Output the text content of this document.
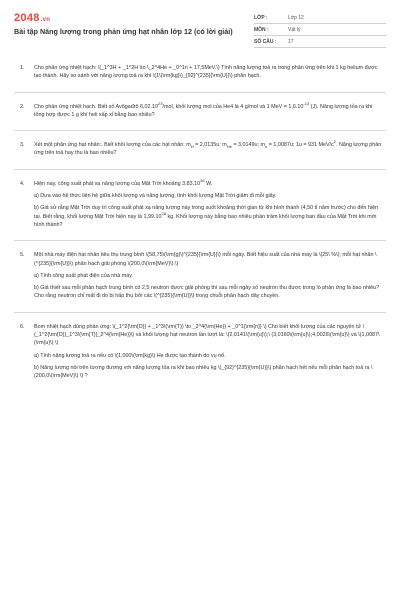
2048.vn
Bài tập Năng lượng trong phản ứng hạt nhân lớp 12 (có lời giải)
LỚP :	Lớp 12
MÔN :	Vật lý
SỐ CÂU :	17
1.	Cho phản ứng nhiệt hạch: \(_1^3H + _1^2H \to \_2^4He + _0^1n + 17,5MeV.\) Tính năng lượng toả ra trong phản ứng trên khi 1 kg helium được tạo thành. Hãy so sánh với năng lượng toả ra khi \(1\(\rm{kg}\)_{92}^{235}{\rm{U}}\) phân hạch.

2.	Cho phản ứng nhiệt hạch. Biết số Avôgađrô 6,02.10$^{23}$/mol, khối lượng mol của He4 là 4 g/mol và 1 MeV = $1,6.10^{-13}$ (J). Năng lượng tỏa ra khi tổng hợp được 1 g khí heli xấp xỉ bằng bao nhiêu?

3.	Xét một phản ứng hạt nhân:. Biết khối lượng của các hạt nhân: $m_H = 2,0135u$; $m_{He} = 3,0149u$; $m_n = 1,0087u$; 1u = 931 MeV/$c^2$. Năng lượng phản ứng trên toả hay thu là bao nhiêu?

4.	Hiện nay, công suất phát xạ năng lượng của Mặt Trời khoảng 3,83.10$^{26}$ W.

a) Dựa vào hệ thức liên hệ giữa khối lượng và năng lượng, tính khối lượng Mặt Trời giảm đi mỗi giây.

b) Giả sử rằng Mặt Trời duy trì công suất phát xạ năng lượng này trong suốt khoảng thời gian từ khi hình thành (4,50 tỉ năm trước) cho đến hiện tại. Biết rằng, khối lượng Mặt Trời hiện nay là 1,99.10$^{28}$ kg. Khối lượng này bằng bao nhiêu phần trăm khối lượng ban đầu của Mặt Trời khi mới hình thành?

5.	Một nhà máy điện hạt nhân tiêu thụ trung bình \(58,75\(\rm{g}\)^{235}{\rm{U}}\) mỗi ngày. Biết hiệu suất của nhà máy là \(25\ %\); mỗi hạt nhân \(^{235}{\rm{U}}\) phân hạch giải phóng \(200,0\(\rm{MeV}\).\)

a) Tính công suất phát điện của nhà máy.

b) Giả thiết sau mỗi phân hạch trung bình có 2,5 neutron được giải phóng thì sau mỗi ngày số neutron thu được trong lò phản ứng là bao nhiêu? Cho rằng neutron chỉ mất đi do bị hấp thụ bởi các \(^{235}{\rm{U}}\) trong chuỗi phản hạch dây chuyền.

6.	Bom nhiệt hạch dùng phản ứng: \(_1^2{\rm{D}} + _1^3\(\rm{T}) \to _2^4{\rm{He}} + _0^1{\rm{n}} \) Cho biết khối lượng của các nguyên tử \(_1^2{\rm{D}}_1^3\(\rm{T}}_2^4{\rm{He}}\) và khối lượng hạt neutron lần lượt là: \(2,0141\(\rm{u}\);\ (3,0160\(\rm{u}\);4,0026\(\rm{u}\) và \(1,0087\(\rm{u}\) \)

a) Tính năng lượng toả ra nếu có \(1,000\(\rm{kg}\) He được tạo thành do vụ nổ.

b) Năng lượng nói trên tương đương với năng lượng tỏa ra khi bao nhiêu kg \(_{92}^{235}{\rm{U}}\) phân hạch hết nếu mỗi phân hạch toả ra \(200,0\(\rm{MeV}\) \) ?
